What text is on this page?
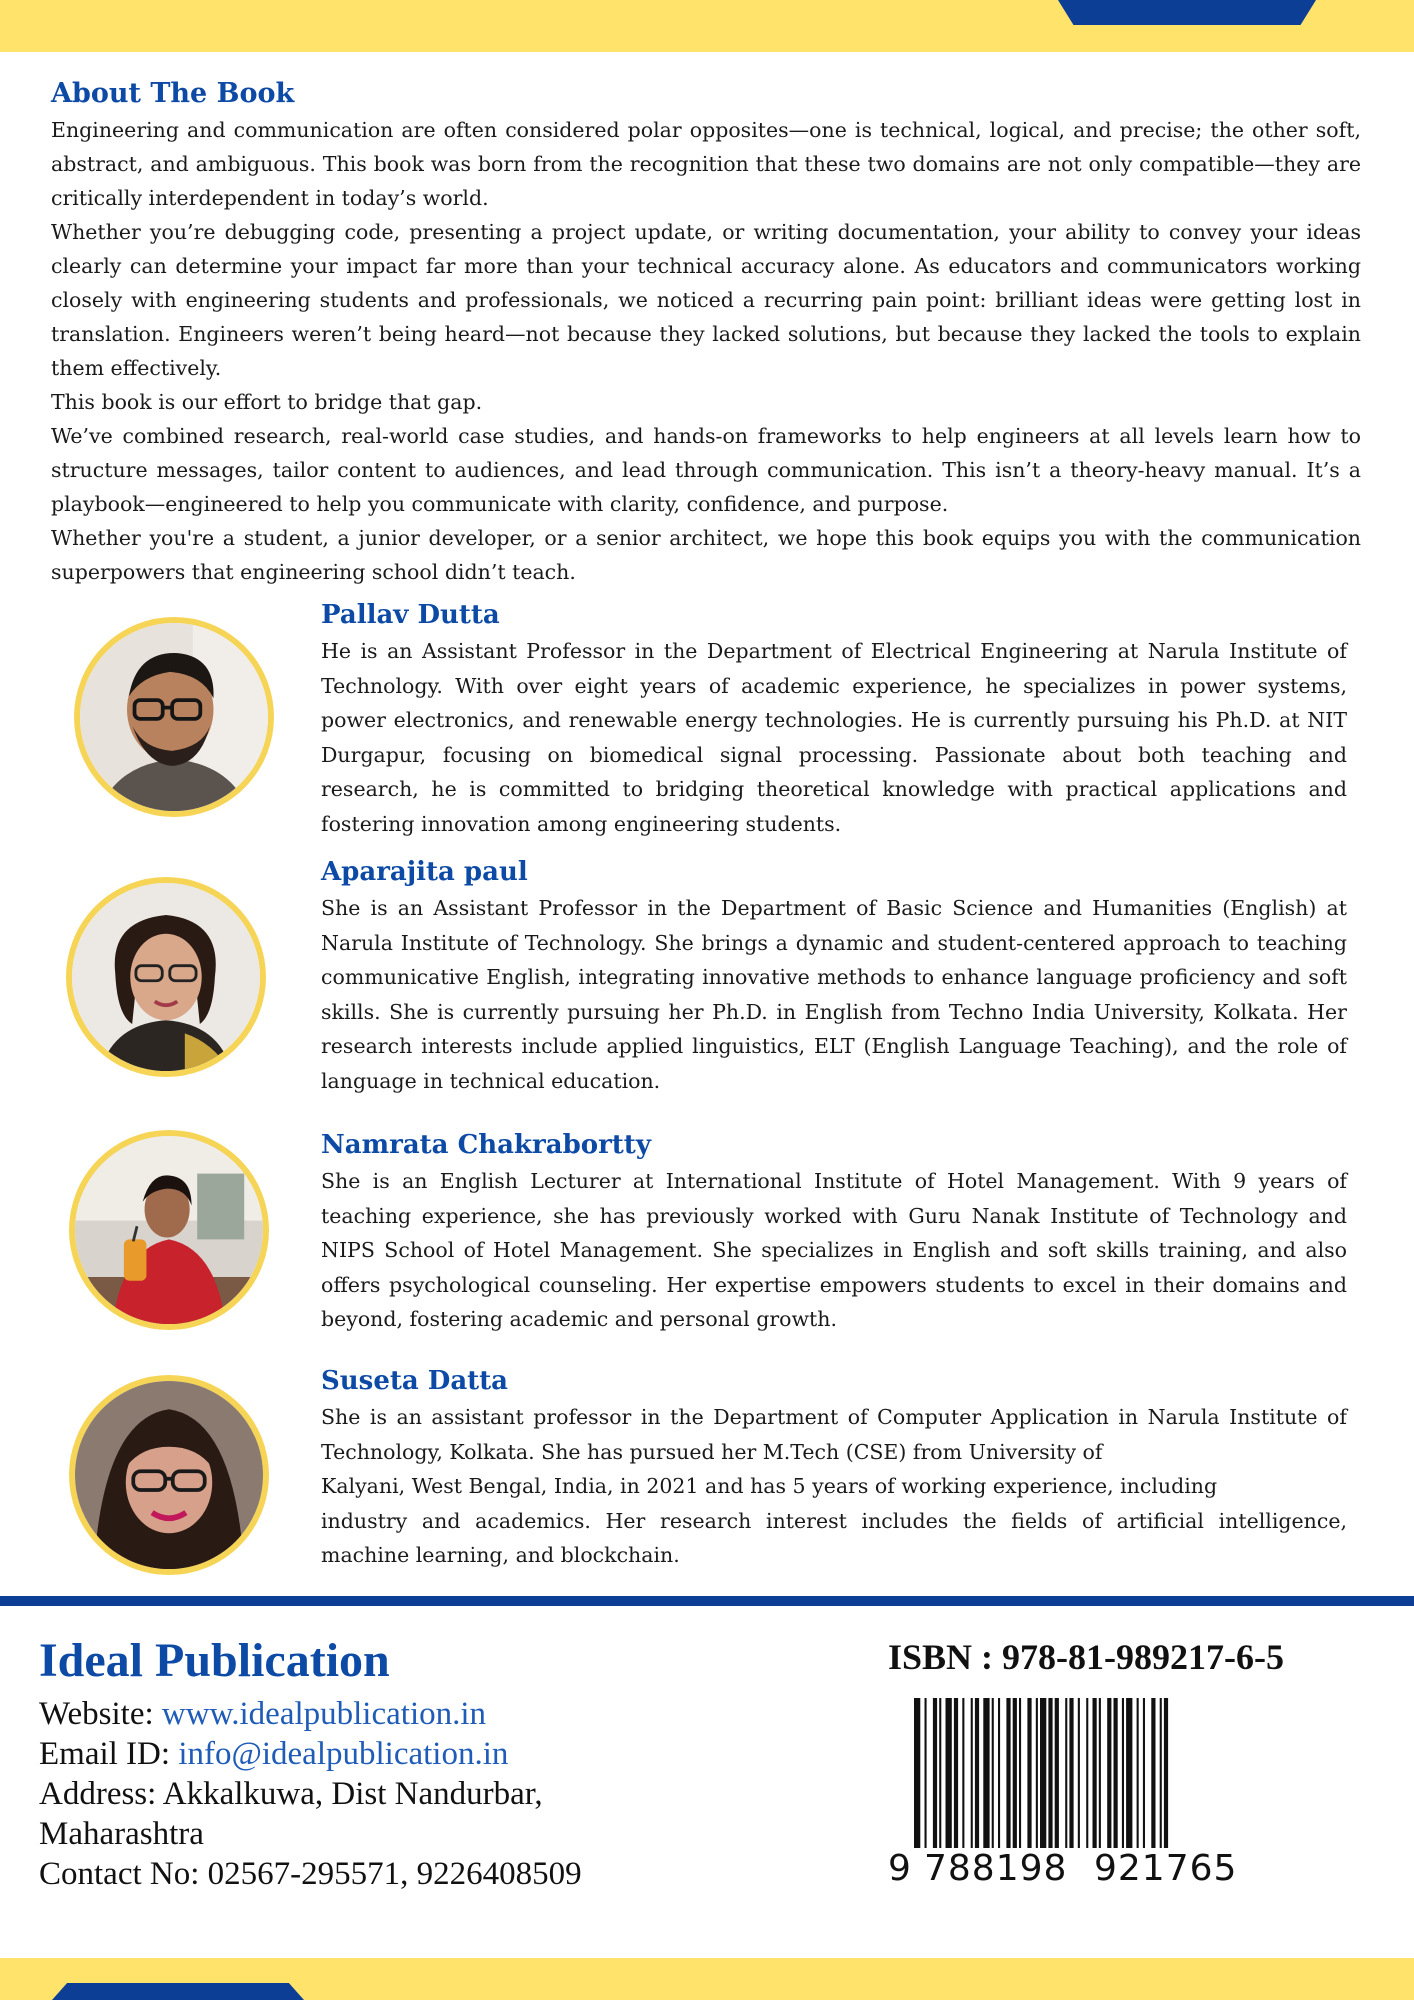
About The Book

Engineering and communication are often considered polar opposites—one is technical, logical, and precise; the other soft, abstract, and ambiguous. This book was born from the recognition that these two domains are not only compatible—they are critically interdependent in today’s world.

Whether you’re debugging code, presenting a project update, or writing documentation, your ability to convey your ideas clearly can determine your impact far more than your technical accuracy alone. As educators and communicators working closely with engineering students and professionals, we noticed a recurring pain point: brilliant ideas were getting lost in translation. Engineers weren’t being heard—not because they lacked solutions, but because they lacked the tools to explain them effectively.

This book is our effort to bridge that gap.

We’ve combined research, real-world case studies, and hands-on frameworks to help engineers at all levels learn how to structure messages, tailor content to audiences, and lead through communication. This isn’t a theory-heavy manual. It’s a playbook—engineered to help you communicate with clarity, confidence, and purpose.

Whether you're a student, a junior developer, or a senior architect, we hope this book equips you with the communication superpowers that engineering school didn’t teach.

Pallav Dutta

He is an Assistant Professor in the Department of Electrical Engineering at Narula Institute of Technology. With over eight years of academic experience, he specializes in power systems, power electronics, and renewable energy technologies. He is currently pursuing his Ph.D. at NIT Durgapur, focusing on biomedical signal processing. Passionate about both teaching and research, he is committed to bridging theoretical knowledge with practical applications and fostering innovation among engineering students.

Aparajita paul

She is an Assistant Professor in the Department of Basic Science and Humanities (English) at Narula Institute of Technology. She brings a dynamic and student-centered approach to teaching communicative English, integrating innovative methods to enhance language proficiency and soft skills. She is currently pursuing her Ph.D. in English from Techno India University, Kolkata. Her research interests include applied linguistics, ELT (English Language Teaching), and the role of language in technical education.

Namrata Chakrabortty

She is an English Lecturer at International Institute of Hotel Management. With 9 years of teaching experience, she has previously worked with Guru Nanak Institute of Technology and NIPS School of Hotel Management. She specializes in English and soft skills training, and also offers psychological counseling. Her expertise empowers students to excel in their domains and beyond, fostering academic and personal growth.

Suseta Datta

She is an assistant professor in the Department of Computer Application in Narula Institute of Technology, Kolkata. She has pursued her M.Tech (CSE) from University of

Kalyani, West Bengal, India, in 2021 and has 5 years of working experience, including

industry and academics. Her research interest includes the fields of artificial intelligence, machine learning, and blockchain.

Ideal Publication
Website: www.idealpublication.in
Email ID: info@idealpublication.in
Address: Akkalkuwa, Dist Nandurbar,
Maharashtra
Contact No: 02567-295571, 9226408509
ISBN : 978-81-989217-6-5
9 788198 921765
